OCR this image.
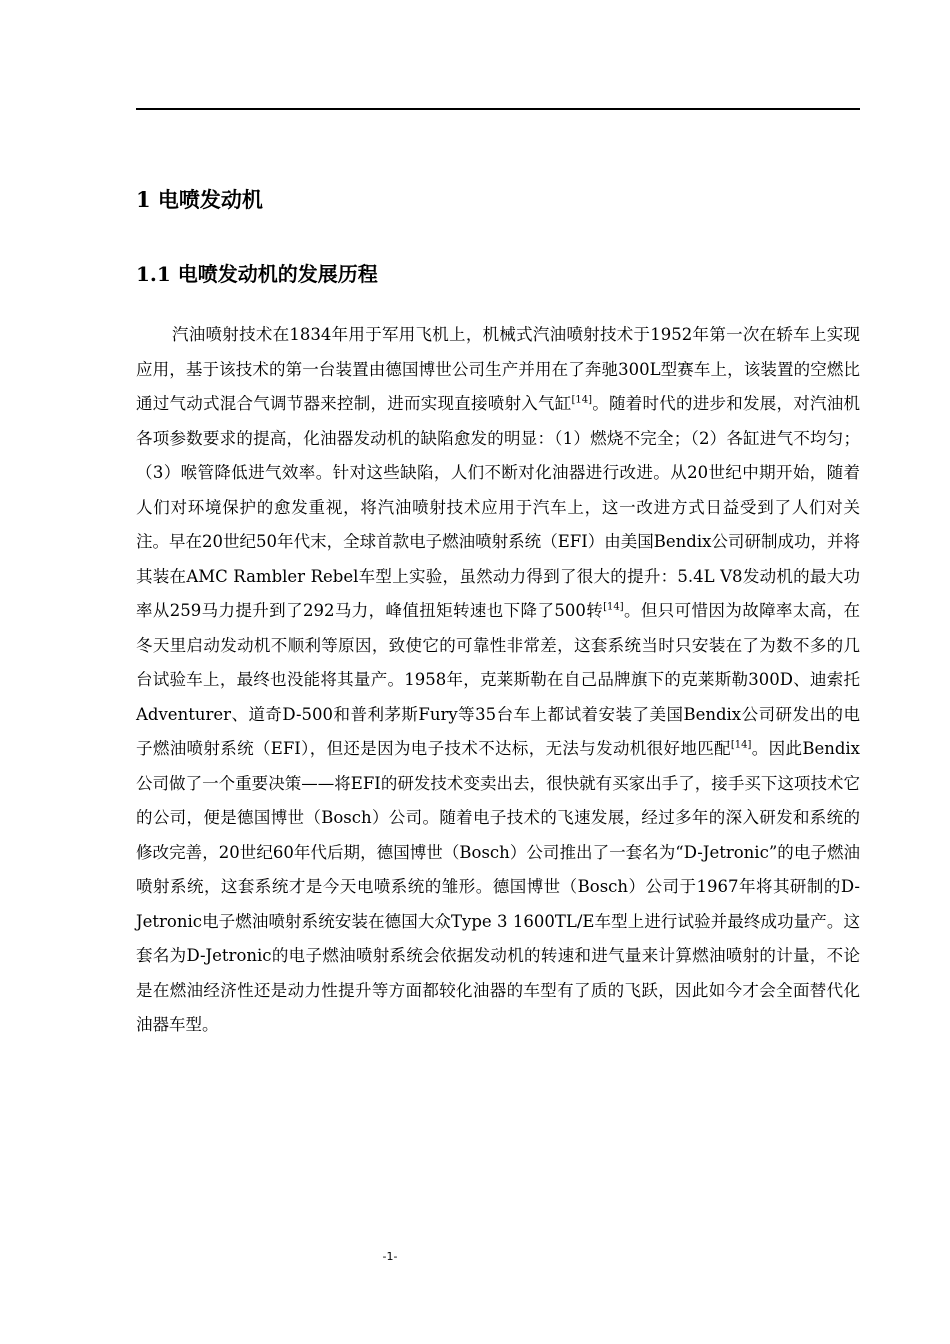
1 电喷发动机
1.1 电喷发动机的发展历程

汽油喷射技术在1834年用于军用飞机上，机械式汽油喷射技术于1952年第一次在轿车上实现应用，基于该技术的第一台装置由德国博世公司生产并用在了奔驰300L型赛车上，该装置的空燃比通过气动式混合气调节器来控制，进而实现直接喷射入气缸[14]。随着时代的进步和发展，对汽油机各项参数要求的提高，化油器发动机的缺陷愈发的明显：（1）燃烧不完全；（2）各缸进气不均匀；（3）喉管降低进气效率。针对这些缺陷，人们不断对化油器进行改进。从20世纪中期开始，随着人们对环境保护的愈发重视，将汽油喷射技术应用于汽车上，这一改进方式日益受到了人们对关注。早在20世纪50年代末，全球首款电子燃油喷射系统（EFI）由美国Bendix公司研制成功，并将其装在AMC Rambler Rebel车型上实验，虽然动力得到了很大的提升：5.4L V8发动机的最大功率从259马力提升到了292马力，峰值扭矩转速也下降了500转[14]。但只可惜因为故障率太高，在冬天里启动发动机不顺利等原因，致使它的可靠性非常差，这套系统当时只安装在了为数不多的几台试验车上，最终也没能将其量产。1958年，克莱斯勒在自己品牌旗下的克莱斯勒300D、迪索托Adventurer、道奇D-500和普利茅斯Fury等35台车上都试着安装了美国Bendix公司研发出的电子燃油喷射系统（EFI），但还是因为电子技术不达标，无法与发动机很好地匹配[14]。因此Bendix公司做了一个重要决策——将EFI的研发技术变卖出去，很快就有买家出手了，接手买下这项技术它的公司，便是德国博世（Bosch）公司。随着电子技术的飞速发展，经过多年的深入研发和系统的修改完善，20世纪60年代后期，德国博世（Bosch）公司推出了一套名为“D-Jetronic”的电子燃油喷射系统，这套系统才是今天电喷系统的雏形。德国博世（Bosch）公司于1967年将其研制的D-Jetronic电子燃油喷射系统安装在德国大众Type 3 1600TL/E车型上进行试验并最终成功量产。这套名为D-Jetronic的电子燃油喷射系统会依据发动机的转速和进气量来计算燃油喷射的计量，不论是在燃油经济性还是动力性提升等方面都较化油器的车型有了质的飞跃，因此如今才会全面替代化油器车型。

-1-
